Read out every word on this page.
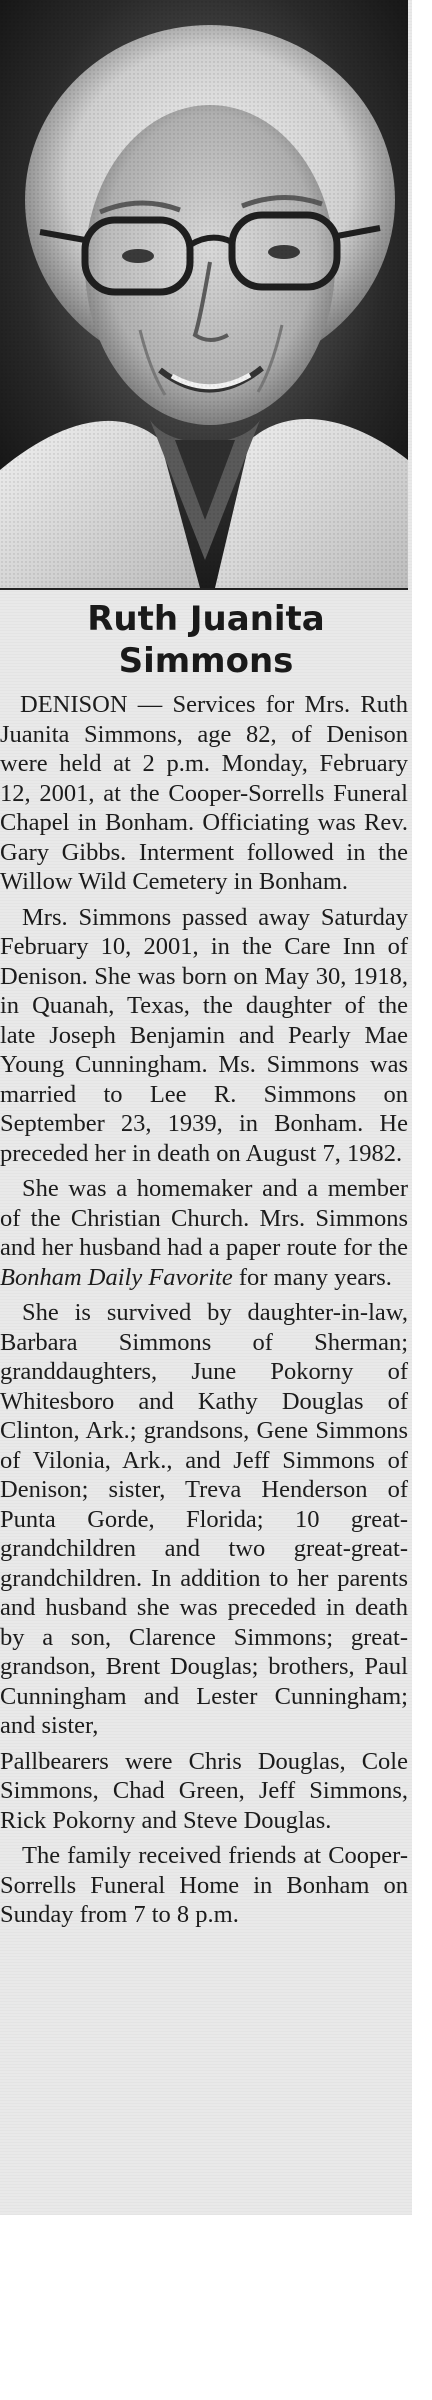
Ruth Juanita
Simmons

DENISON — Services for Mrs. Ruth Juanita Simmons, age 82, of Denison were held at 2 p.m. Monday, February 12, 2001, at the Cooper-Sorrells Funeral Chapel in Bonham. Officiating was Rev. Gary Gibbs. Interment followed in the Willow Wild Cemetery in Bonham.

Mrs. Simmons passed away Saturday February 10, 2001, in the Care Inn of Denison. She was born on May 30, 1918, in Quanah, Texas, the daughter of the late Joseph Benjamin and Pearly Mae Young Cunningham. Ms. Simmons was married to Lee R. Simmons on September 23, 1939, in Bonham. He preceded her in death on August 7, 1982.

She was a homemaker and a member of the Christian Church. Mrs. Simmons and her husband had a paper route for the Bonham Daily Favorite for many years.

She is survived by daughter-in-law, Barbara Simmons of Sherman; granddaughters, June Pokorny of Whitesboro and Kathy Douglas of Clinton, Ark.; grandsons, Gene Simmons of Vilonia, Ark., and Jeff Simmons of Denison; sister, Treva Henderson of Punta Gorde, Florida; 10 great-grandchildren and two great-great-grandchildren. In addition to her parents and husband she was preceded in death by a son, Clarence Simmons; great-grandson, Brent Douglas; brothers, Paul Cunningham and Lester Cunningham; and sister,

Pallbearers were Chris Douglas, Cole Simmons, Chad Green, Jeff Simmons, Rick Pokorny and Steve Douglas.

The family received friends at Cooper-Sorrells Funeral Home in Bonham on Sunday from 7 to 8 p.m.
